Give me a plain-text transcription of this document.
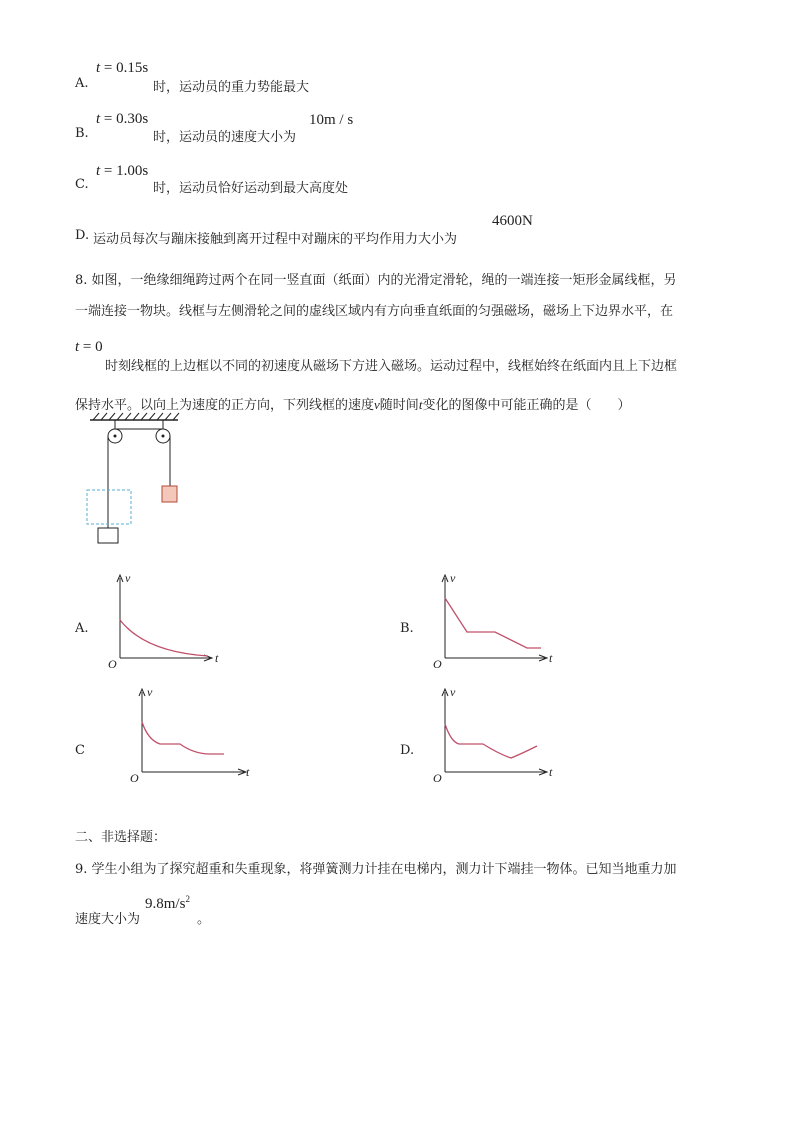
A.
t = 0.15s
时，运动员的重力势能最大
B.
t = 0.30s
时，运动员的速度大小为
10m / s
C.
t = 1.00s
时，运动员恰好运动到最大高度处
D. 运动员每次与蹦床接触到离开过程中对蹦床的平均作用力大小为
4600N
8. 如图，一绝缘细绳跨过两个在同一竖直面（纸面）内的光滑定滑轮，绳的一端连接一矩形金属线框，另
一端连接一物块。线框与左侧滑轮之间的虚线区域内有方向垂直纸面的匀强磁场，磁场上下边界水平，在
t = 0
时刻线框的上边框以不同的初速度从磁场下方进入磁场。运动过程中，线框始终在纸面内且上下边框
保持水平。以向上为速度的正方向，下列线框的速度v随时间t变化的图像中可能正确的是（　　）
A.
v
t
O
B.
v
t
O
C
v
t
O
D.
v
t
O
二、非选择题：
9. 学生小组为了探究超重和失重现象，将弹簧测力计挂在电梯内，测力计下端挂一物体。已知当地重力加
速度大小为
$9.8m/s^2$
。
